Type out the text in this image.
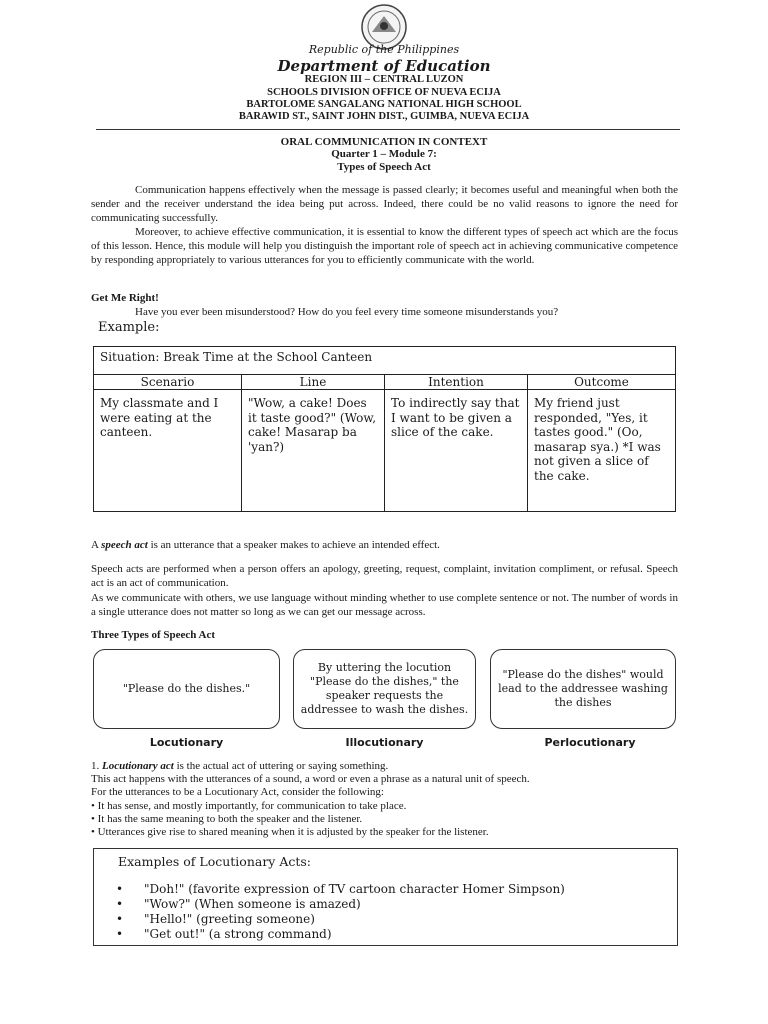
Republic of the Philippines
Department of Education
REGION III – CENTRAL LUZON
SCHOOLS DIVISION OFFICE OF NUEVA ECIJA
BARTOLOME SANGALANG NATIONAL HIGH SCHOOL
BARAWID ST., SAINT JOHN DIST., GUIMBA, NUEVA ECIJA
ORAL COMMUNICATION IN CONTEXT
Quarter 1 – Module 7:
Types of Speech Act
Communication happens effectively when the message is passed clearly; it becomes useful and meaningful when both the sender and the receiver understand the idea being put across. Indeed, there could be no valid reasons to ignore the need for communicating successfully.
Moreover, to achieve effective communication, it is essential to know the different types of speech act which are the focus of this lesson. Hence, this module will help you distinguish the important role of speech act in achieving communicative competence by responding appropriately to various utterances for you to efficiently communicate with the world.
Get Me Right!
Have you ever been misunderstood? How do you feel every time someone misunderstands you?
Example:
Situation: Break Time at the School Canteen			
Scenario	Line	Intention	Outcome
My classmate and I were eating at the canteen.	"Wow, a cake! Does it taste good?" (Wow, cake! Masarap ba 'yan?)	To indirectly say that I want to be given a slice of the cake.	My friend just responded, "Yes, it tastes good." (Oo, masarap sya.) *I was not given a slice of the cake.
A speech act is an utterance that a speaker makes to achieve an intended effect.
Speech acts are performed when a person offers an apology, greeting, request, complaint, invitation compliment, or refusal. Speech act is an act of communication.
As we communicate with others, we use language without minding whether to use complete sentence or not. The number of words in a single utterance does not matter so long as we can get our message across.
Three Types of Speech Act
"Please do the dishes."
By uttering the locution "Please do the dishes," the speaker requests the addressee to wash the dishes.
"Please do the dishes" would lead to the addressee washing the dishes
Locutionary	Illocutionary	Perlocutionary
1. Locutionary act is the actual act of uttering or saying something.
This act happens with the utterances of a sound, a word or even a phrase as a natural unit of speech.
For the utterances to be a Locutionary Act, consider the following:
• It has sense, and mostly importantly, for communication to take place.
• It has the same meaning to both the speaker and the listener.
• Utterances give rise to shared meaning when it is adjusted by the speaker for the listener.
Examples of Locutionary Acts:
• "Doh!" (favorite expression of TV cartoon character Homer Simpson)
• "Wow?" (When someone is amazed)
• "Hello!" (greeting someone)
• "Get out!" (a strong command)
